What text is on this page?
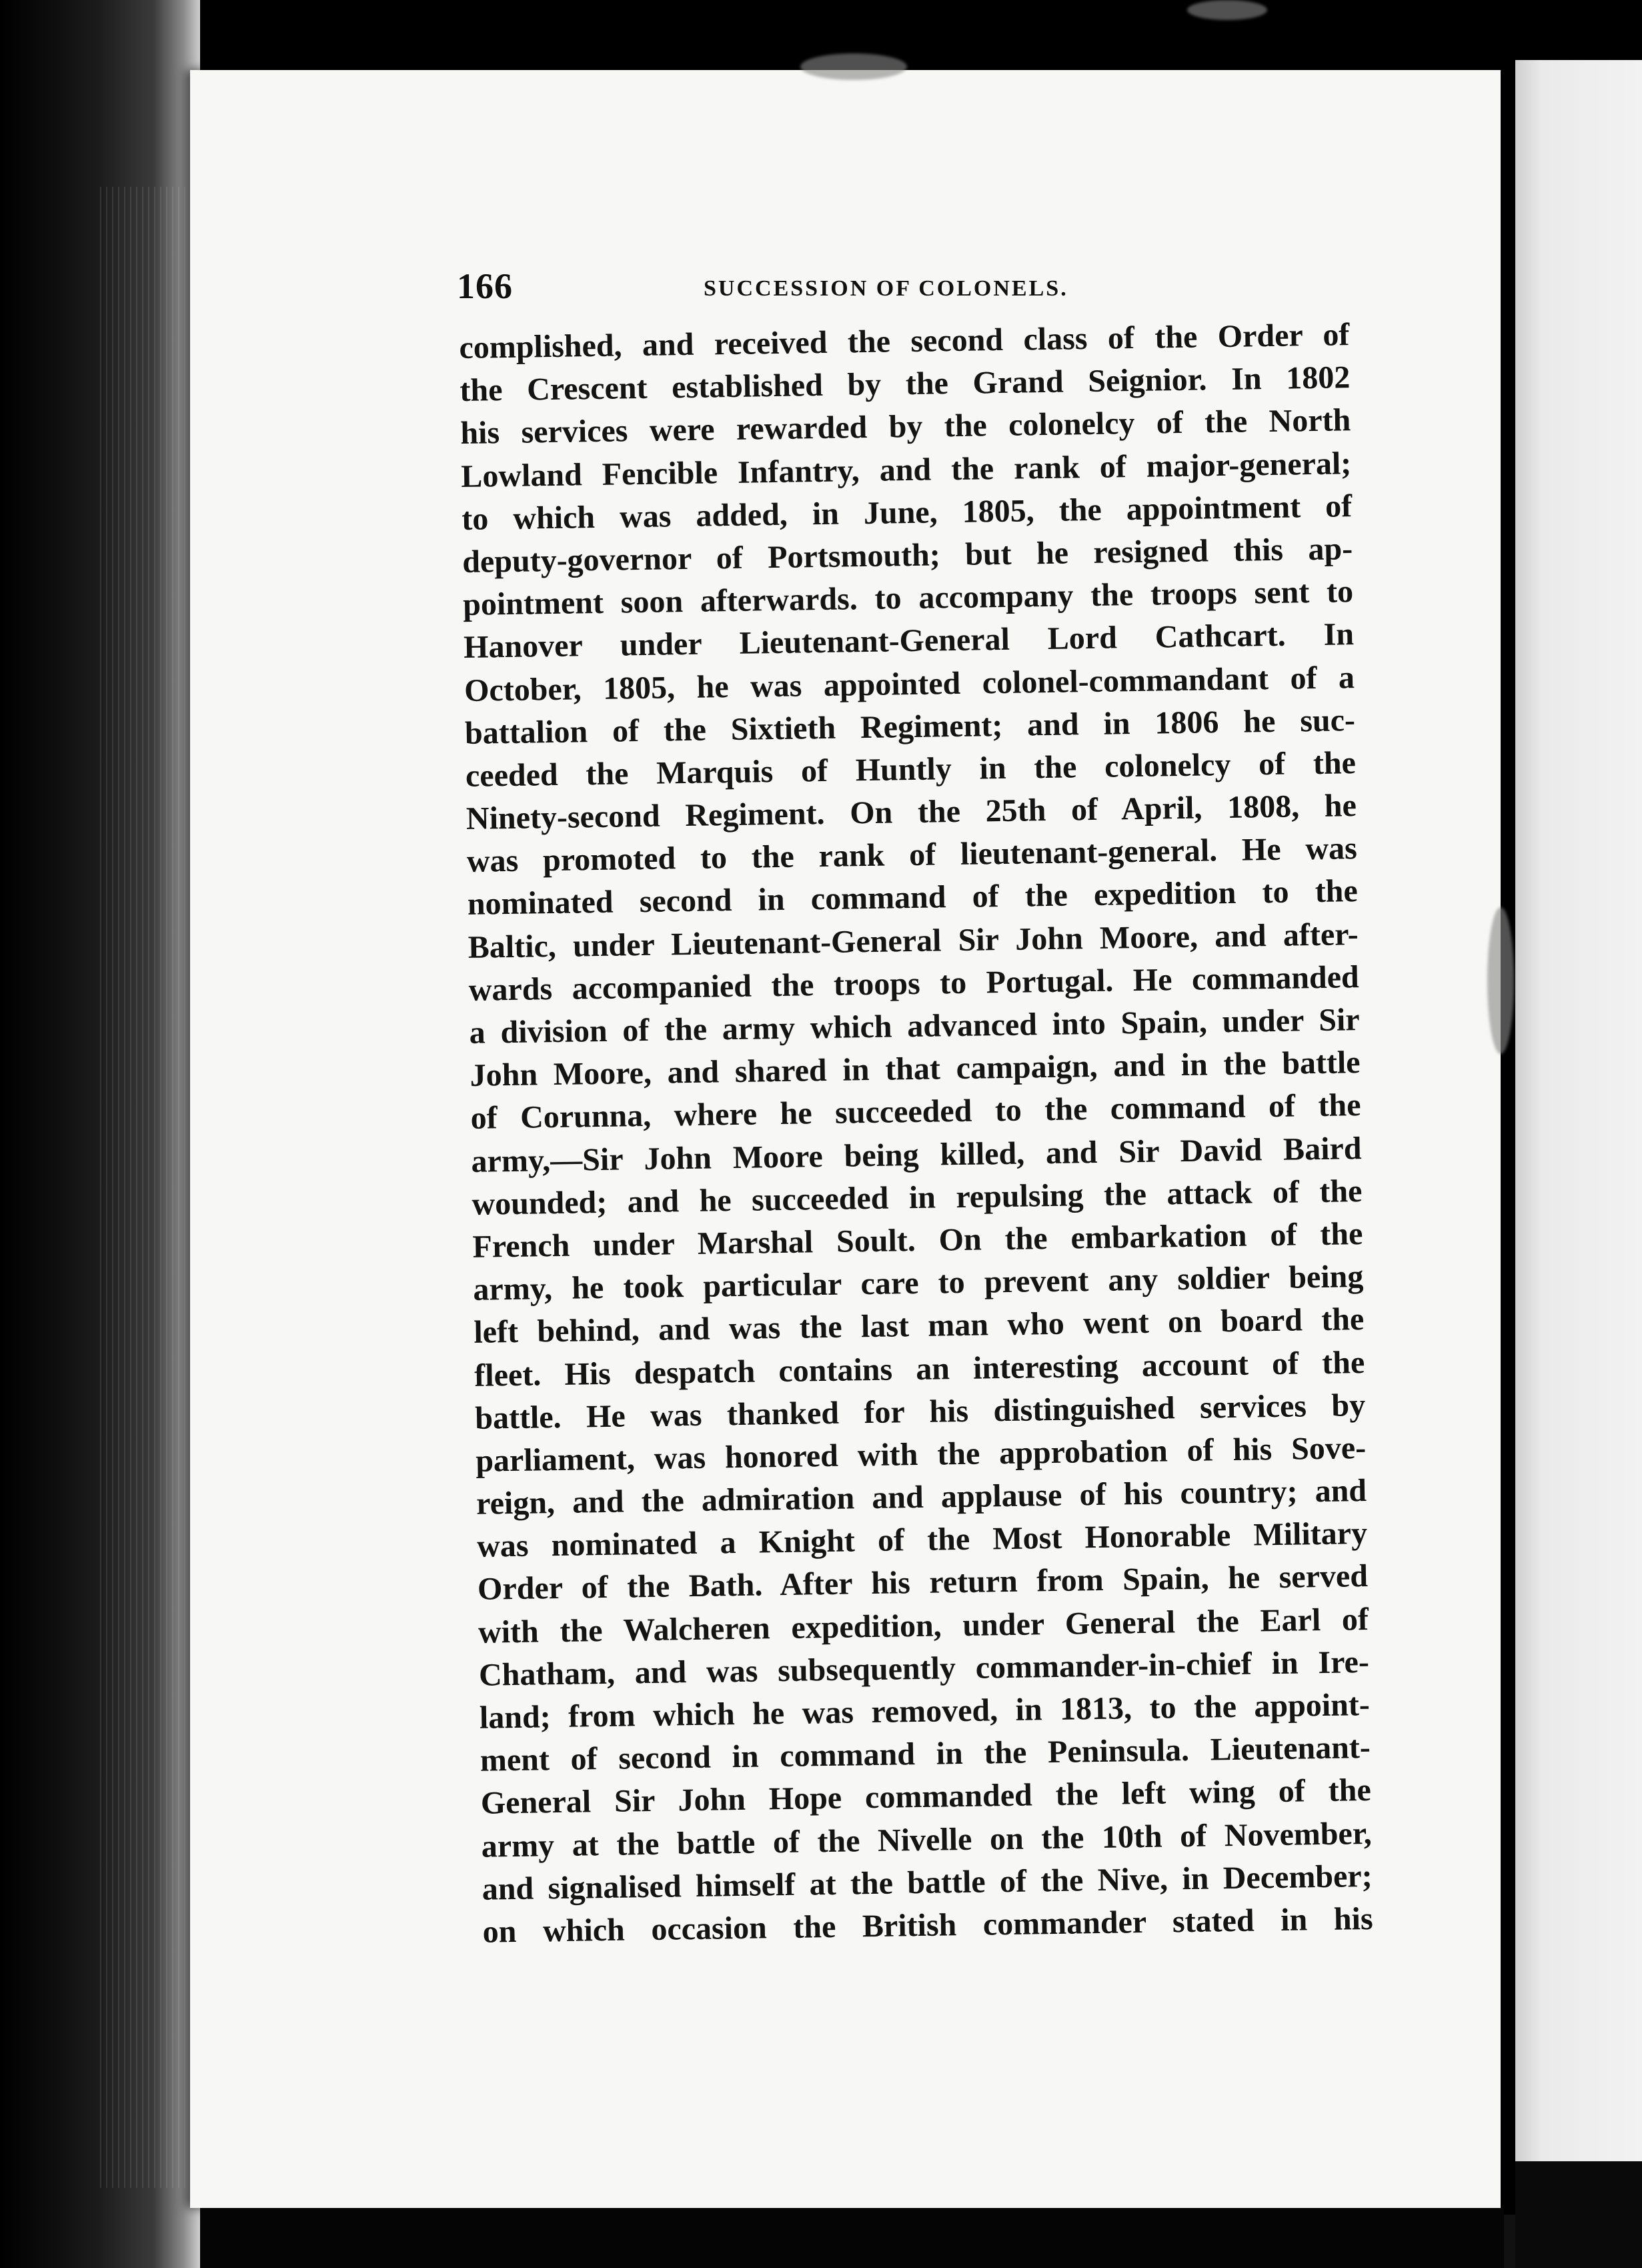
166	SUCCESSION OF COLONELS.
complished, and received the second class of the Order of
the Crescent established by the Grand Seignior. In 1802
his services were rewarded by the colonelcy of the North
Lowland Fencible Infantry, and the rank of major-general;
to which was added, in June, 1805, the appointment of
deputy-governor of Portsmouth; but he resigned this ap-
pointment soon afterwards. to accompany the troops sent to
Hanover under Lieutenant-General Lord Cathcart. In
October, 1805, he was appointed colonel-commandant of a
battalion of the Sixtieth Regiment; and in 1806 he suc-
ceeded the Marquis of Huntly in the colonelcy of the
Ninety-second Regiment. On the 25th of April, 1808, he
was promoted to the rank of lieutenant-general. He was
nominated second in command of the expedition to the
Baltic, under Lieutenant-General Sir John Moore, and after-
wards accompanied the troops to Portugal. He commanded
a division of the army which advanced into Spain, under Sir
John Moore, and shared in that campaign, and in the battle
of Corunna, where he succeeded to the command of the
army,—Sir John Moore being killed, and Sir David Baird
wounded; and he succeeded in repulsing the attack of the
French under Marshal Soult. On the embarkation of the
army, he took particular care to prevent any soldier being
left behind, and was the last man who went on board the
fleet. His despatch contains an interesting account of the
battle. He was thanked for his distinguished services by
parliament, was honored with the approbation of his Sove-
reign, and the admiration and applause of his country; and
was nominated a Knight of the Most Honorable Military
Order of the Bath. After his return from Spain, he served
with the Walcheren expedition, under General the Earl of
Chatham, and was subsequently commander-in-chief in Ire-
land; from which he was removed, in 1813, to the appoint-
ment of second in command in the Peninsula. Lieutenant-
General Sir John Hope commanded the left wing of the
army at the battle of the Nivelle on the 10th of November,
and signalised himself at the battle of the Nive, in December;
on which occasion the British commander stated in his
